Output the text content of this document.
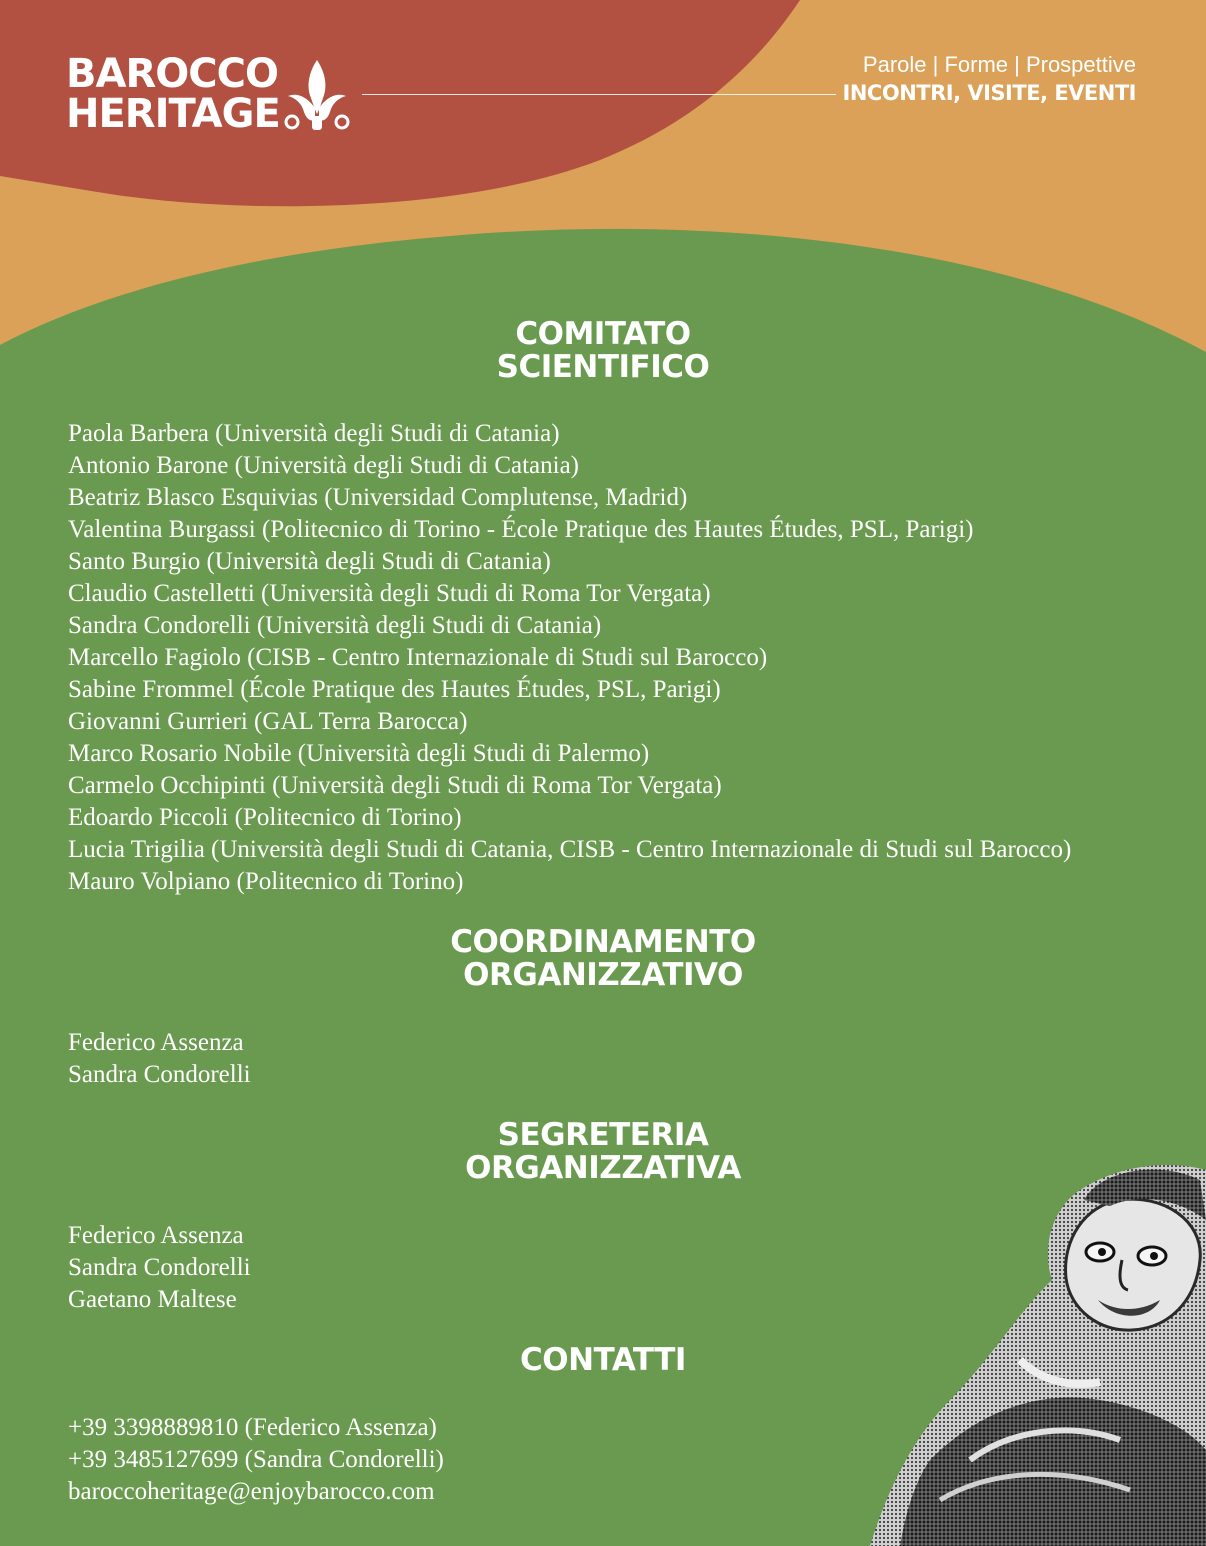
BAROCCO
HERITAGE
Parole | Forme | Prospettive
INCONTRI, VISITE, EVENTI
COMITATO
SCIENTIFICO
Paola Barbera (Università degli Studi di Catania)
Antonio Barone (Università degli Studi di Catania)
Beatriz Blasco Esquivias (Universidad Complutense, Madrid)
Valentina Burgassi (Politecnico di Torino - École Pratique des Hautes Études, PSL, Parigi)
Santo Burgio (Università degli Studi di Catania)
Claudio Castelletti (Università degli Studi di Roma Tor Vergata)
Sandra Condorelli (Università degli Studi di Catania)
Marcello Fagiolo (CISB - Centro Internazionale di Studi sul Barocco)
Sabine Frommel (École Pratique des Hautes Études, PSL, Parigi)
Giovanni Gurrieri (GAL Terra Barocca)
Marco Rosario Nobile (Università degli Studi di Palermo)
Carmelo Occhipinti (Università degli Studi di Roma Tor Vergata)
Edoardo Piccoli (Politecnico di Torino)
Lucia Trigilia (Università degli Studi di Catania, CISB - Centro Internazionale di Studi sul Barocco)
Mauro Volpiano (Politecnico di Torino)
COORDINAMENTO
ORGANIZZATIVO
Federico Assenza
Sandra Condorelli
SEGRETERIA
ORGANIZZATIVA
Federico Assenza
Sandra Condorelli
Gaetano Maltese
CONTATTI
+39 3398889810 (Federico Assenza)
+39 3485127699 (Sandra Condorelli)
baroccoheritage@enjoybarocco.com
